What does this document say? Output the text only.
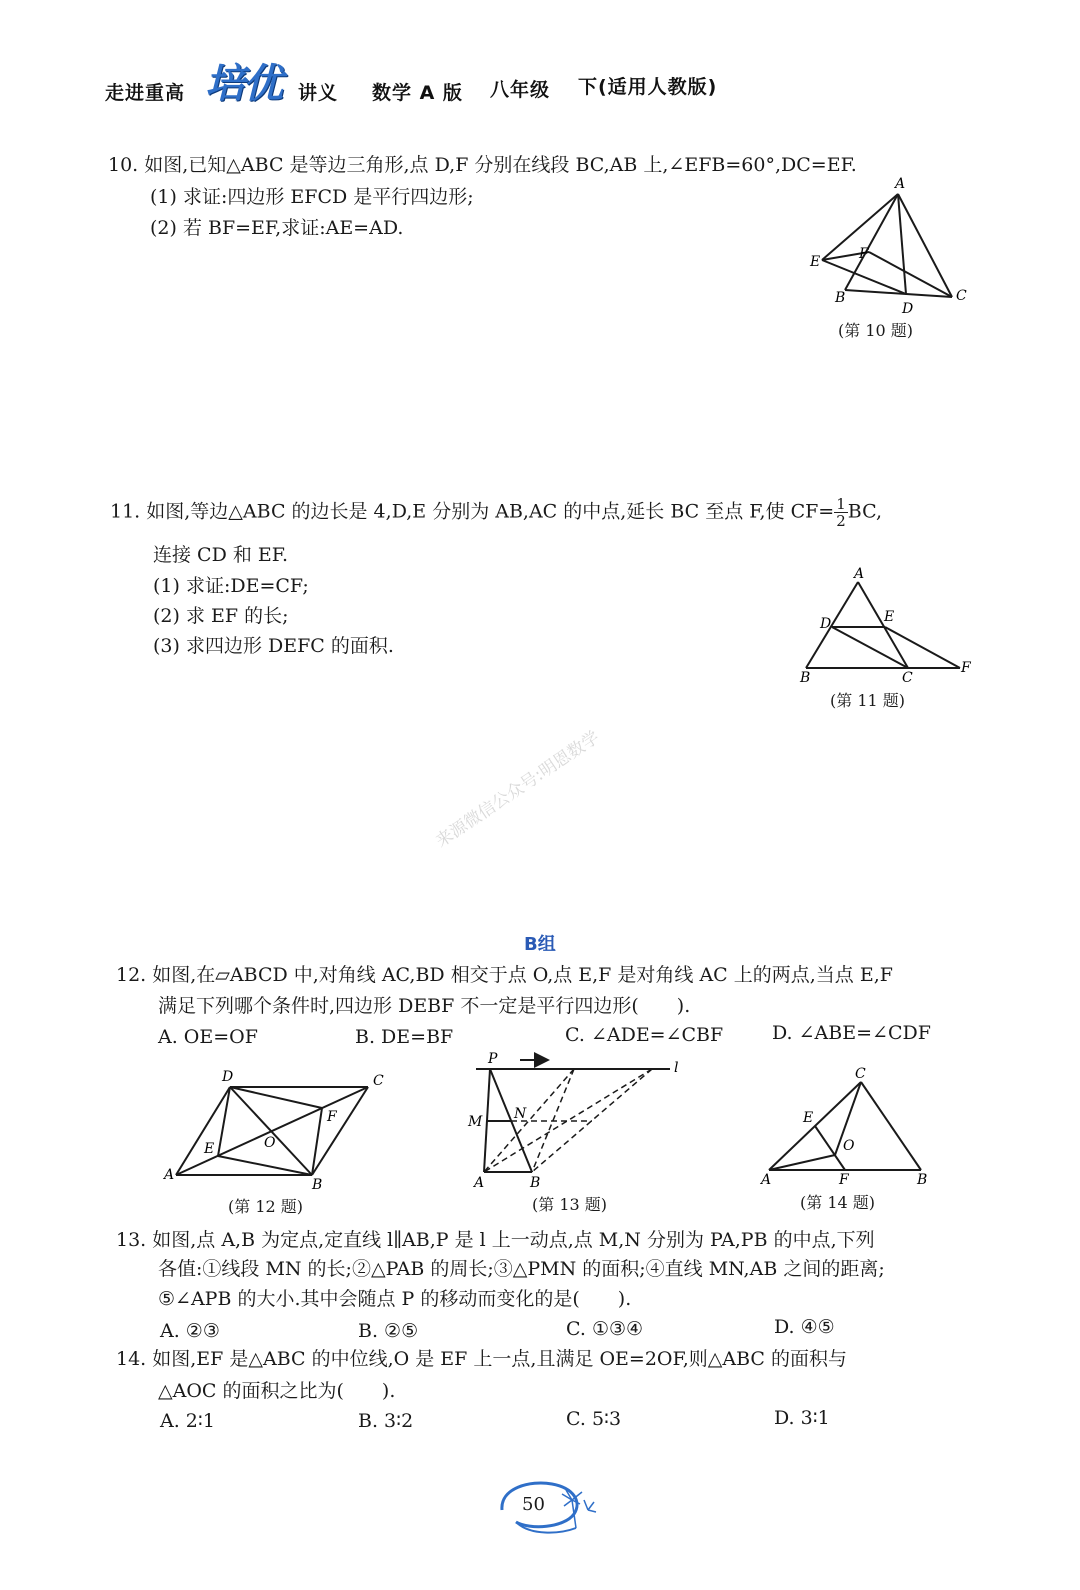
走进重高 培优 讲义 数学 A 版 八年级 下(适用人教版)
10. 如图,已知△ABC 是等边三角形,点 D,F 分别在线段 BC,AB 上,∠EFB=60°,DC=EF.
(1) 求证:四边形 EFCD 是平行四边形;
(2) 若 BF=EF,求证:AE=AD.
A
E	F
B
D
C
(第 10 题)
11. 如图,等边△ABC 的边长是 4,D,E 分别为 AB,AC 的中点,延长 BC 至点 F,使 $CF= \frac{1}{2}$ BC,
连接 CD 和 EF.
(1) 求证:DE=CF;
(2) 求 EF 的长;
(3) 求四边形 DEFC 的面积.
A
D	E
B	C
F
(第 11 题)
来源微信公众号:明恩数学
B组
12. 如图,在▱ABCD 中,对角线 AC,BD 相交于点 O,点 E,F 是对角线 AC 上的两点,当点 E,F
满足下列哪个条件时,四边形 DEBF 不一定是平行四边形(　　).
A. OE=OF	B. DE=BF	C. ∠ADE=∠CBF	D. ∠ABE=∠CDF
D	C
F
E	O
A
B
(第 12 题)
P
l
M N
A	B
(第 13 题)
C
E
O
A	F	B
(第 14 题)
13. 如图,点 A,B 为定点,定直线 l∥AB,P 是 l 上一动点,点 M,N 分别为 PA,PB 的中点,下列
各值:①线段 MN 的长;②△PAB 的周长;③△PMN 的面积;④直线 MN,AB 之间的距离;
⑤∠APB 的大小.其中会随点 P 的移动而变化的是(　　).
A. ②③	B. ②⑤	C. ①③④	D. ④⑤
14. 如图,EF 是△ABC 的中位线,O 是 EF 上一点,且满足 OE=2OF,则△ABC 的面积与
△AOC 的面积之比为(　　).
A. 2∶1	B. 3∶2	C. 5∶3	D. 3∶1
50
